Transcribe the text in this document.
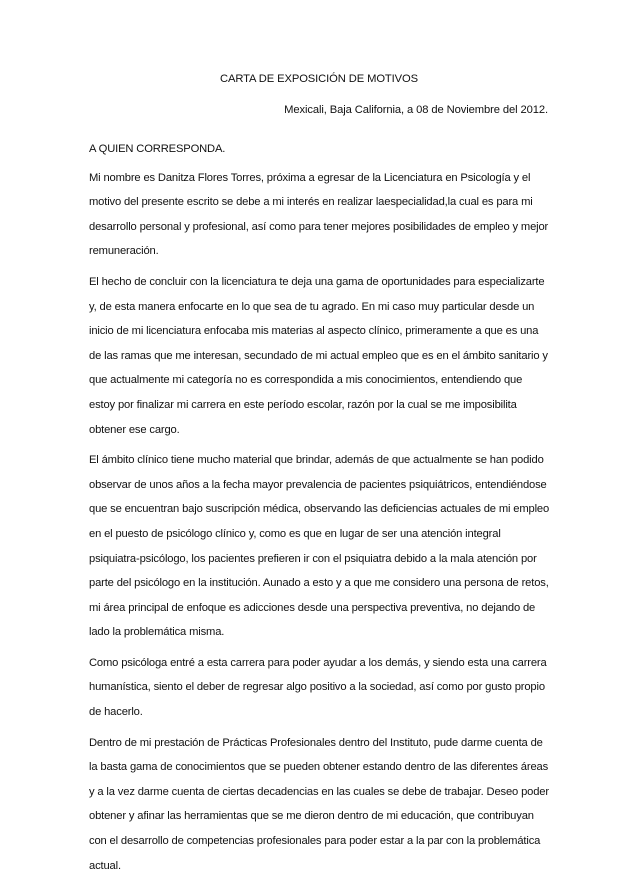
CARTA DE EXPOSICIÓN DE MOTIVOS
Mexicali, Baja California, a 08 de Noviembre del 2012.

A QUIEN CORRESPONDA.

Mi nombre es Danitza Flores Torres, próxima a egresar de la Licenciatura en Psicología y el motivo del presente escrito se debe a mi interés en realizar laespecialidad,la cual es para mi desarrollo personal y profesional, así como para tener mejores posibilidades de empleo y mejor remuneración.

El hecho de concluir con la licenciatura te deja una gama de oportunidades para especializarte y, de esta manera enfocarte en lo que sea de tu agrado. En mi caso muy particular desde un inicio de mi licenciatura enfocaba mis materias al aspecto clínico, primeramente a que es una de las ramas que me interesan, secundado de mi actual empleo que es en el ámbito sanitario y que actualmente mi categoría no es correspondida a mis conocimientos, entendiendo que estoy por finalizar mi carrera en este período escolar, razón por la cual se me imposibilita obtener ese cargo.

El ámbito clínico tiene mucho material que brindar, además de que actualmente se han podido observar de unos años a la fecha mayor prevalencia de pacientes psiquiátricos, entendiéndose que se encuentran bajo suscripción médica, observando las deficiencias actuales de mi empleo en el puesto de psicólogo clínico y, como es que en lugar de ser una atención integral psiquiatra-psicólogo, los pacientes prefieren ir con el psiquiatra debido a la mala atención por parte del psicólogo en la institución. Aunado a esto y a que me considero una persona de retos, mi área principal de enfoque es adicciones desde una perspectiva preventiva, no dejando de lado la problemática misma.

Como psicóloga entré a esta carrera para poder ayudar a los demás, y siendo esta una carrera humanística, siento el deber de regresar algo positivo a la sociedad, así como por gusto propio de hacerlo.

Dentro de mi prestación de Prácticas Profesionales dentro del Instituto, pude darme cuenta de la basta gama de conocimientos que se pueden obtener estando dentro de las diferentes áreas y a la vez darme cuenta de ciertas decadencias en las cuales se debe de trabajar. Deseo poder obtener y afinar las herramientas que se me dieron dentro de mi educación, que contribuyan con el desarrollo de competencias profesionales para poder estar a la par con la problemática actual.
